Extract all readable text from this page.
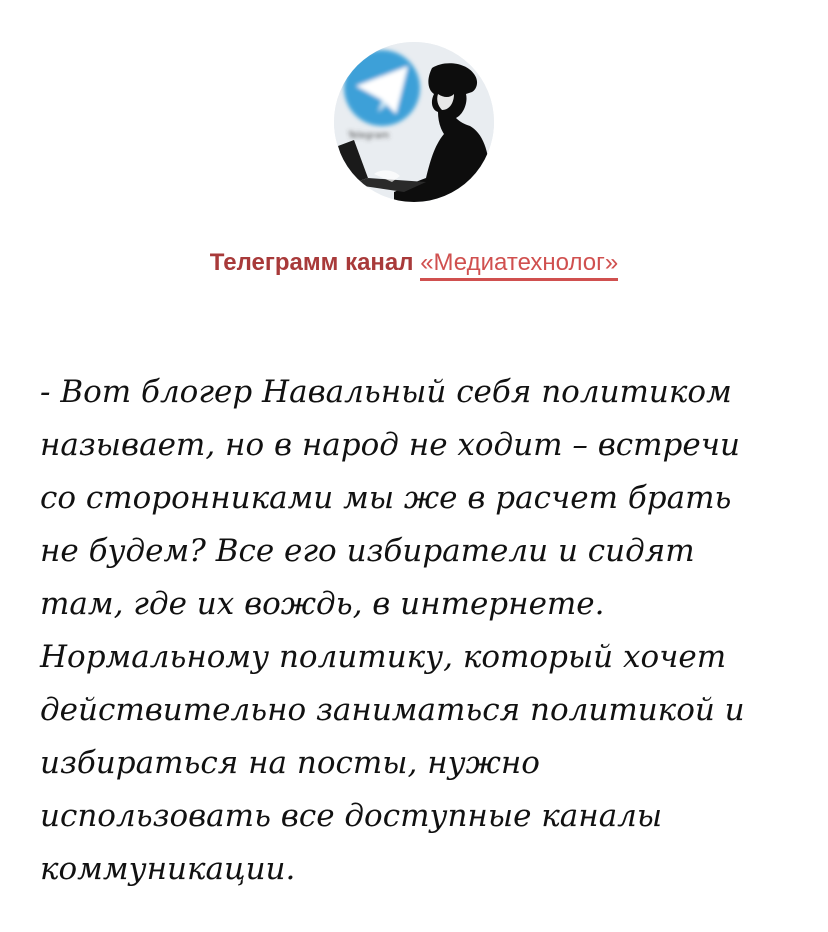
Telegram
Телеграмм канал «Медиатехнолог»

- Вот блогер Навальный себя политиком
называет, но в народ не ходит – встречи
со сторонниками мы же в расчет брать
не будем? Все его избиратели и сидят
там, где их вождь, в интернете.
Нормальному политику, который хочет
действительно заниматься политикой и
избираться на посты, нужно
использовать все доступные каналы
коммуникации.
